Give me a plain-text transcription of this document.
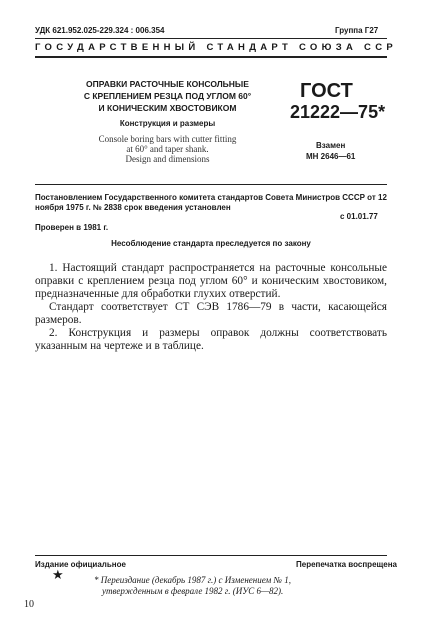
УДК 621.952.025-229.324 : 006.354	Группа Г27
ГОСУДАРСТВЕННЫЙ СТАНДАРТ СОЮЗА ССР
ОПРАВКИ РАСТОЧНЫЕ КОНСОЛЬНЫЕ
С КРЕПЛЕНИЕМ РЕЗЦА ПОД УГЛОМ 60°
И КОНИЧЕСКИМ ХВОСТОВИКОМ
Конструкция и размеры
Console boring bars with cutter fitting
at 60° and taper shank.
Design and dimensions
ГОСТ
21222—75*
Взамен
МН 2646—61
Постановлением Государственного комитета стандартов Совета Министров СССР от 12 ноября 1975 г. № 2838 срок введения установлен
с 01.01.77
Проверен в 1981 г.
Несоблюдение стандарта преследуется по закону

1. Настоящий стандарт распространяется на расточные консольные оправки с креплением резца под углом 60° и коническим хвостовиком, предназначенные для обработки глухих отверстий.

Стандарт соответствует СТ СЭВ 1786—79 в части, касающейся размеров.

2. Конструкция и размеры оправок должны соответствовать указанным на чертеже и в таблице.

Издание официальное	Перепечатка воспрещена
★	* Переиздание (декабрь 1987 г.) с Изменением № 1,
утвержденным в феврале 1982 г. (ИУС 6—82).
10
